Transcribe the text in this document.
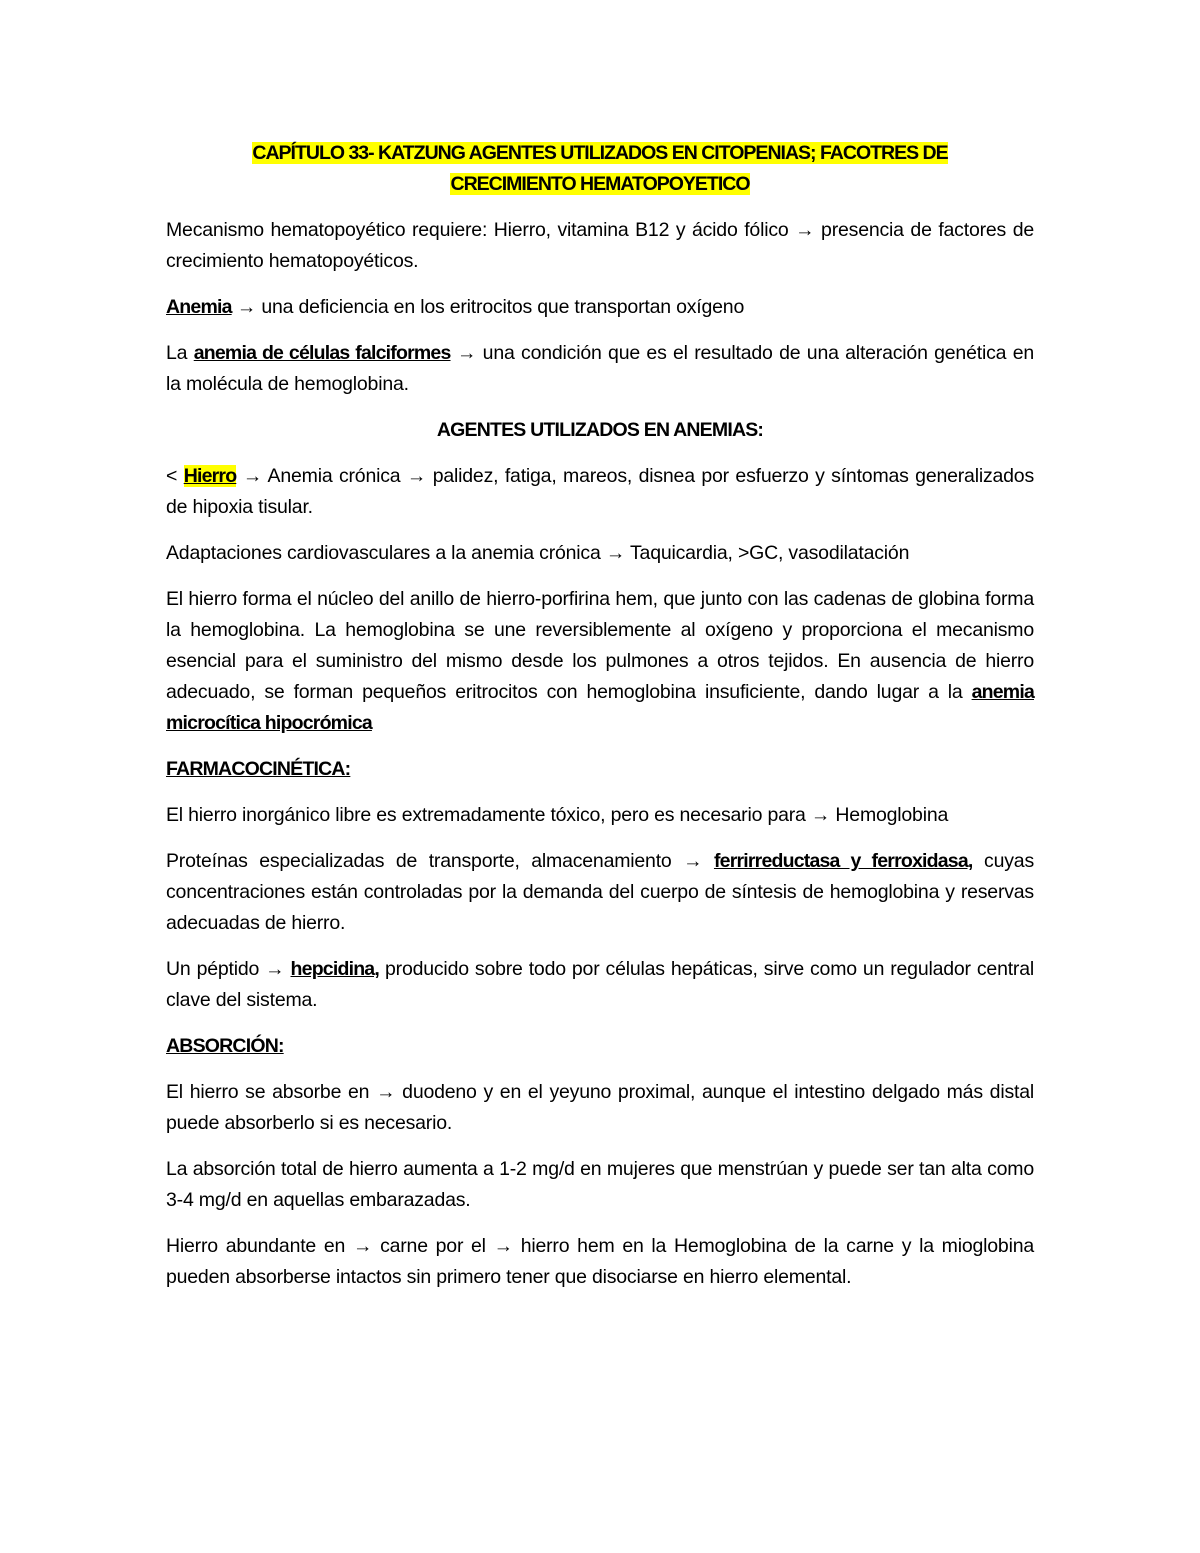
CAPÍTULO 33- KATZUNG AGENTES UTILIZADOS EN CITOPENIAS; FACOTRES DE
CRECIMIENTO HEMATOPOYETICO

Mecanismo hematopoyético requiere: Hierro, vitamina B12 y ácido fólico → presencia de factores de crecimiento hematopoyéticos.

Anemia → una deficiencia en los eritrocitos que transportan oxígeno

La anemia de células falciformes → una condición que es el resultado de una alteración genética en la molécula de hemoglobina.

AGENTES UTILIZADOS EN ANEMIAS:

< Hierro → Anemia crónica → palidez, fatiga, mareos, disnea por esfuerzo y síntomas generalizados de hipoxia tisular.

Adaptaciones cardiovasculares a la anemia crónica → Taquicardia, >GC, vasodilatación

El hierro forma el núcleo del anillo de hierro-porfirina hem, que junto con las cadenas de globina forma la hemoglobina. La hemoglobina se une reversiblemente al oxígeno y proporciona el mecanismo esencial para el suministro del mismo desde los pulmones a otros tejidos. En ausencia de hierro adecuado, se forman pequeños eritrocitos con hemoglobina insuficiente, dando lugar a la anemia microcítica hipocrómica

FARMACOCINÉTICA:

El hierro inorgánico libre es extremadamente tóxico, pero es necesario para → Hemoglobina

Proteínas especializadas de transporte, almacenamiento → ferrirreductasa y ferroxidasa, cuyas concentraciones están controladas por la demanda del cuerpo de síntesis de hemoglobina y reservas adecuadas de hierro.

Un péptido → hepcidina, producido sobre todo por células hepáticas, sirve como un regulador central clave del sistema.

ABSORCIÓN:

El hierro se absorbe en → duodeno y en el yeyuno proximal, aunque el intestino delgado más distal puede absorberlo si es necesario.

La absorción total de hierro aumenta a 1-2 mg/d en mujeres que menstrúan y puede ser tan alta como 3-4 mg/d en aquellas embarazadas.

Hierro abundante en → carne por el → hierro hem en la Hemoglobina de la carne y la mioglobina pueden absorberse intactos sin primero tener que disociarse en hierro elemental.
